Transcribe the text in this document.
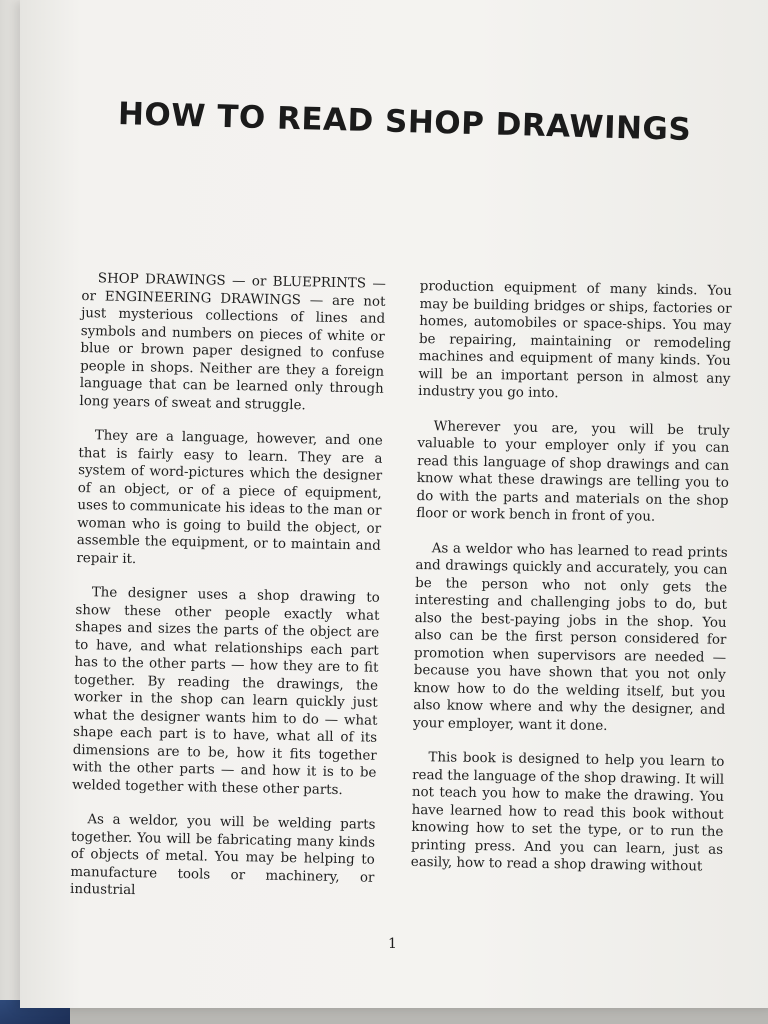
HOW TO READ SHOP DRAWINGS

SHOP DRAWINGS — or BLUEPRINTS — or ENGINEERING DRAWINGS — are not just mysterious collections of lines and symbols and numbers on pieces of white or blue or brown paper designed to confuse people in shops. Neither are they a foreign language that can be learned only through long years of sweat and struggle.

They are a language, however, and one that is fairly easy to learn. They are a system of word-pictures which the designer of an object, or of a piece of equipment, uses to communicate his ideas to the man or woman who is going to build the object, or assemble the equipment, or to maintain and repair it.

The designer uses a shop drawing to show these other people exactly what shapes and sizes the parts of the object are to have, and what relationships each part has to the other parts — how they are to fit together. By reading the drawings, the worker in the shop can learn quickly just what the designer wants him to do — what shape each part is to have, what all of its dimensions are to be, how it fits together with the other parts — and how it is to be welded together with these other parts.

As a weldor, you will be welding parts together. You will be fabricating many kinds of objects of metal. You may be helping to manufacture tools or machinery, or industrial

production equipment of many kinds. You may be building bridges or ships, factories or homes, automobiles or space-ships. You may be repairing, maintaining or remodeling machines and equipment of many kinds. You will be an important person in almost any industry you go into.

Wherever you are, you will be truly valuable to your employer only if you can read this language of shop drawings and can know what these drawings are telling you to do with the parts and materials on the shop floor or work bench in front of you.

As a weldor who has learned to read prints and drawings quickly and accurately, you can be the person who not only gets the interesting and challenging jobs to do, but also the best-paying jobs in the shop. You also can be the first person considered for promotion when supervisors are needed — because you have shown that you not only know how to do the welding itself, but you also know where and why the designer, and your employer, want it done.

This book is designed to help you learn to read the language of the shop drawing. It will not teach you how to make the drawing. You have learned how to read this book without knowing how to set the type, or to run the printing press. And you can learn, just as easily, how to read a shop drawing without

1
